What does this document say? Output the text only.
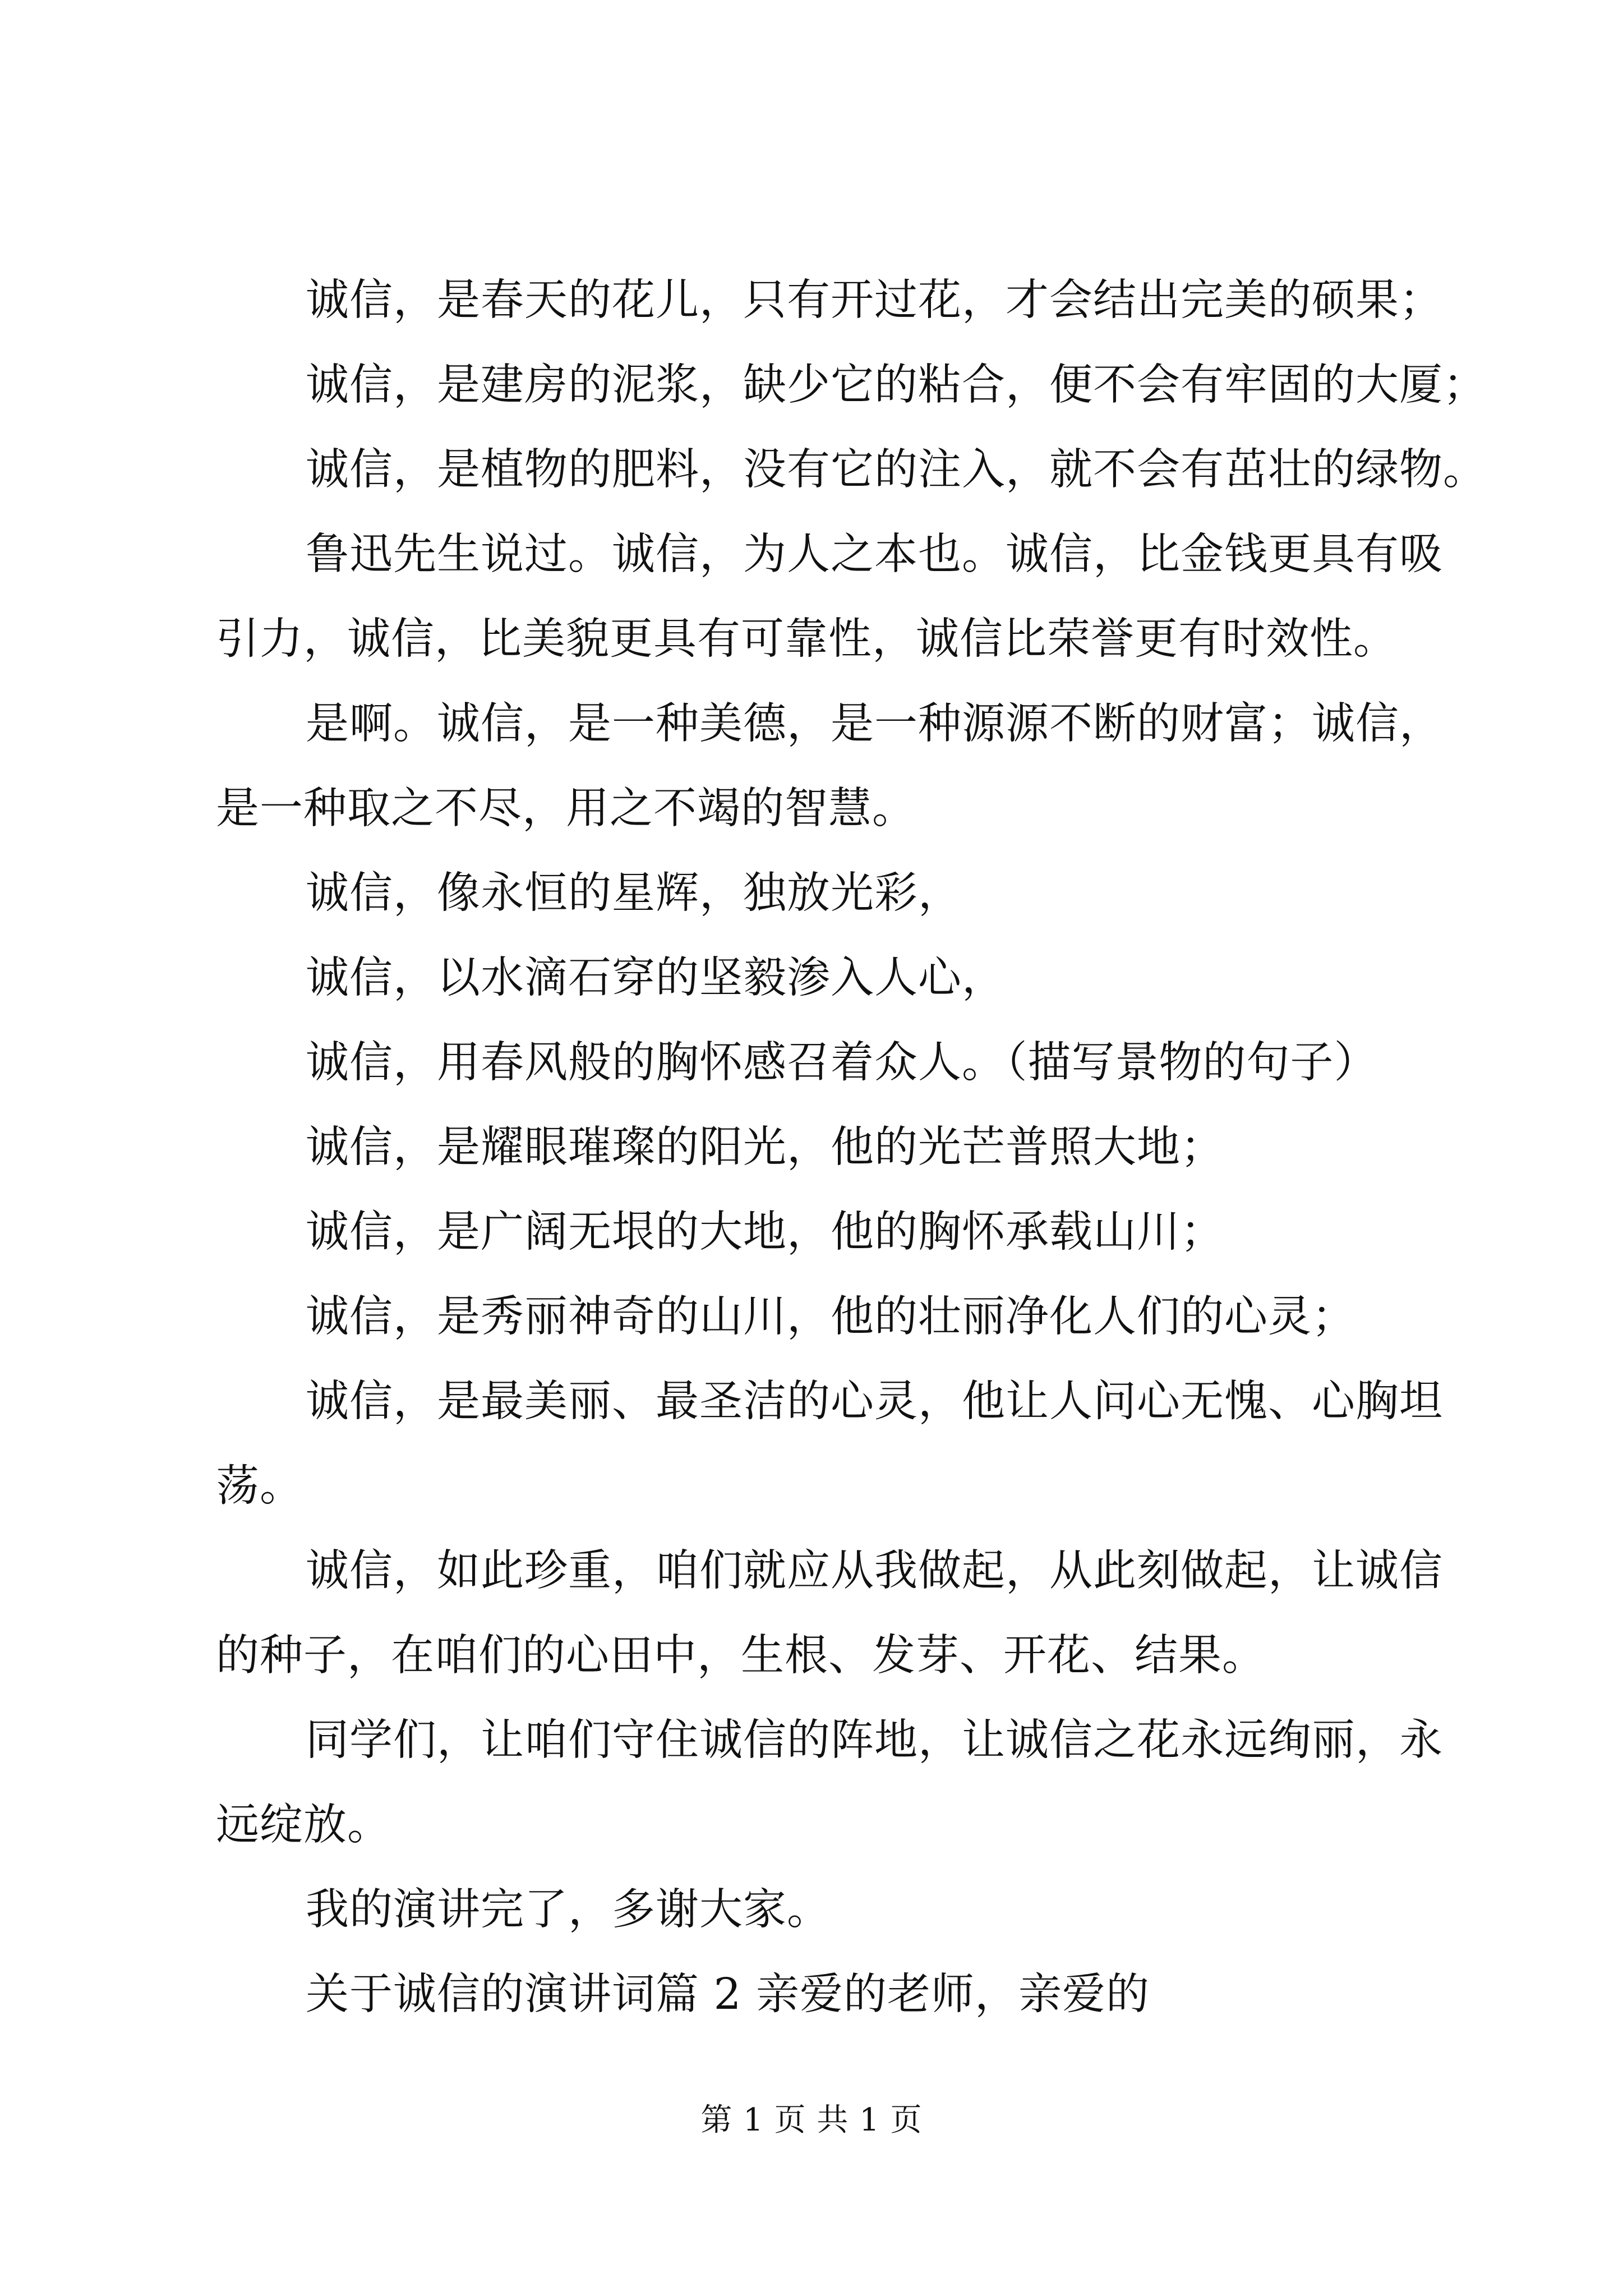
诚信，是春天的花儿，只有开过花，才会结出完美的硕果；
诚信，是建房的泥浆，缺少它的粘合，便不会有牢固的大厦；
诚信，是植物的肥料，没有它的注入，就不会有茁壮的绿物。
鲁迅先生说过。诚信，为人之本也。诚信，比金钱更具有吸
引力，诚信，比美貌更具有可靠性，诚信比荣誉更有时效性。
是啊。诚信，是一种美德，是一种源源不断的财富；诚信，
是一种取之不尽，用之不竭的智慧。
诚信，像永恒的星辉，独放光彩，
诚信，以水滴石穿的坚毅渗入人心，
诚信，用春风般的胸怀感召着众人。（描写景物的句子）
诚信，是耀眼璀璨的阳光，他的光芒普照大地；
诚信，是广阔无垠的大地，他的胸怀承载山川；
诚信，是秀丽神奇的山川，他的壮丽净化人们的心灵；
诚信，是最美丽、最圣洁的心灵，他让人问心无愧、心胸坦
荡。
诚信，如此珍重，咱们就应从我做起，从此刻做起，让诚信
的种子，在咱们的心田中，生根、发芽、开花、结果。
同学们，让咱们守住诚信的阵地，让诚信之花永远绚丽，永
远绽放。
我的演讲完了，多谢大家。
关于诚信的演讲词篇 2 亲爱的老师，亲爱的
第 1 页 共 1 页
